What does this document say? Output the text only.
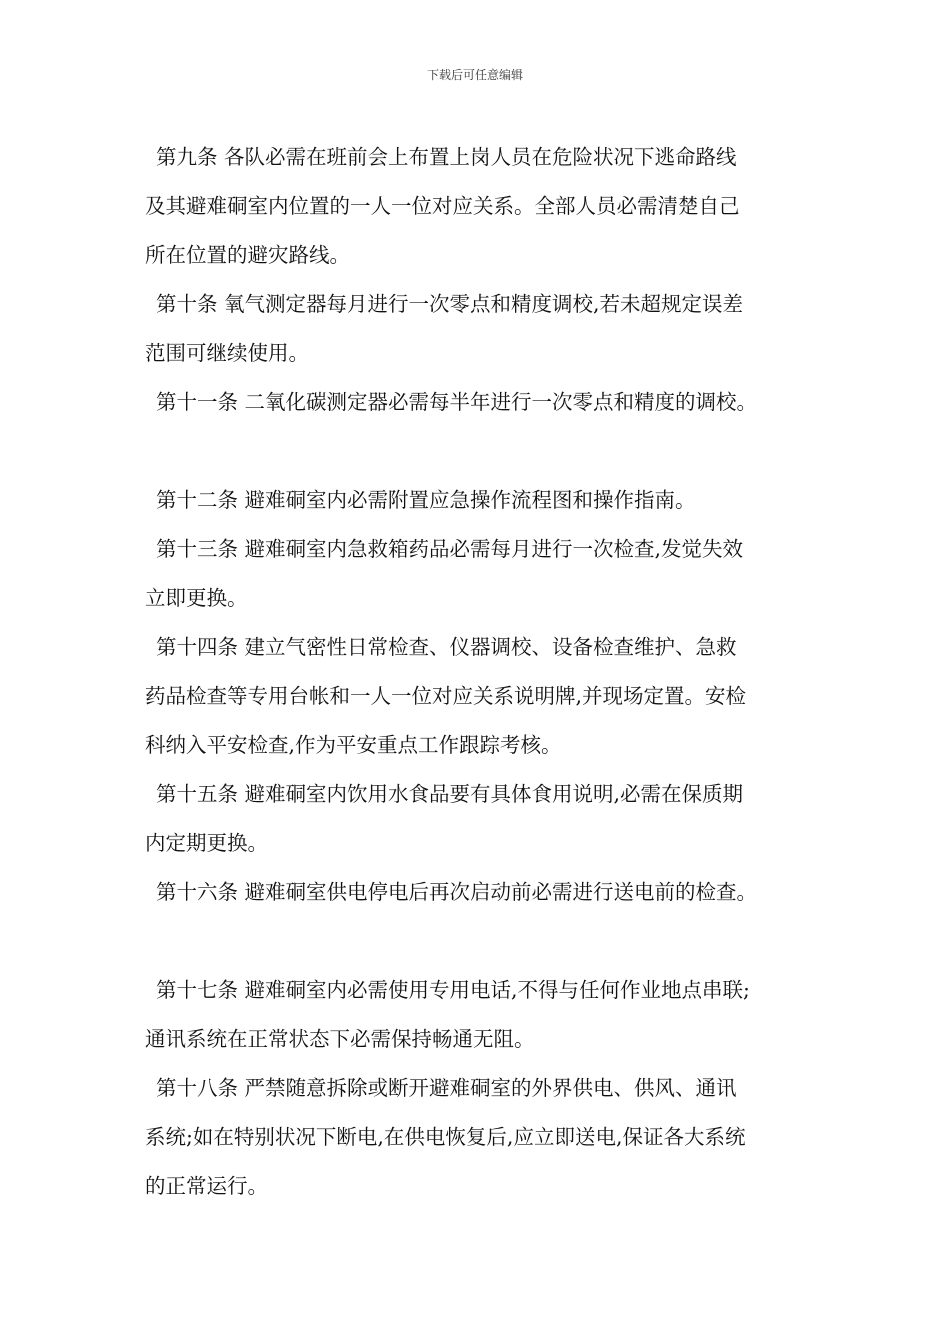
下载后可任意编辑
第九条 各队必需在班前会上布置上岗人员在危险状况下逃命路线
及其避难硐室内位置的一人一位对应关系。全部人员必需清楚自己
所在位置的避灾路线。
第十条 氧气测定器每月进行一次零点和精度调校,若未超规定误差
范围可继续使用。
第十一条 二氧化碳测定器必需每半年进行一次零点和精度的调校。
第十二条 避难硐室内必需附置应急操作流程图和操作指南。
第十三条 避难硐室内急救箱药品必需每月进行一次检查,发觉失效
立即更换。
第十四条 建立气密性日常检查、仪器调校、设备检查维护、急救
药品检查等专用台帐和一人一位对应关系说明牌,并现场定置。安检
科纳入平安检查,作为平安重点工作跟踪考核。
第十五条 避难硐室内饮用水食品要有具体食用说明,必需在保质期
内定期更换。
第十六条 避难硐室供电停电后再次启动前必需进行送电前的检查。
第十七条 避难硐室内必需使用专用电话,不得与任何作业地点串联;
通讯系统在正常状态下必需保持畅通无阻。
第十八条 严禁随意拆除或断开避难硐室的外界供电、供风、通讯
系统;如在特别状况下断电,在供电恢复后,应立即送电,保证各大系统
的正常运行。
